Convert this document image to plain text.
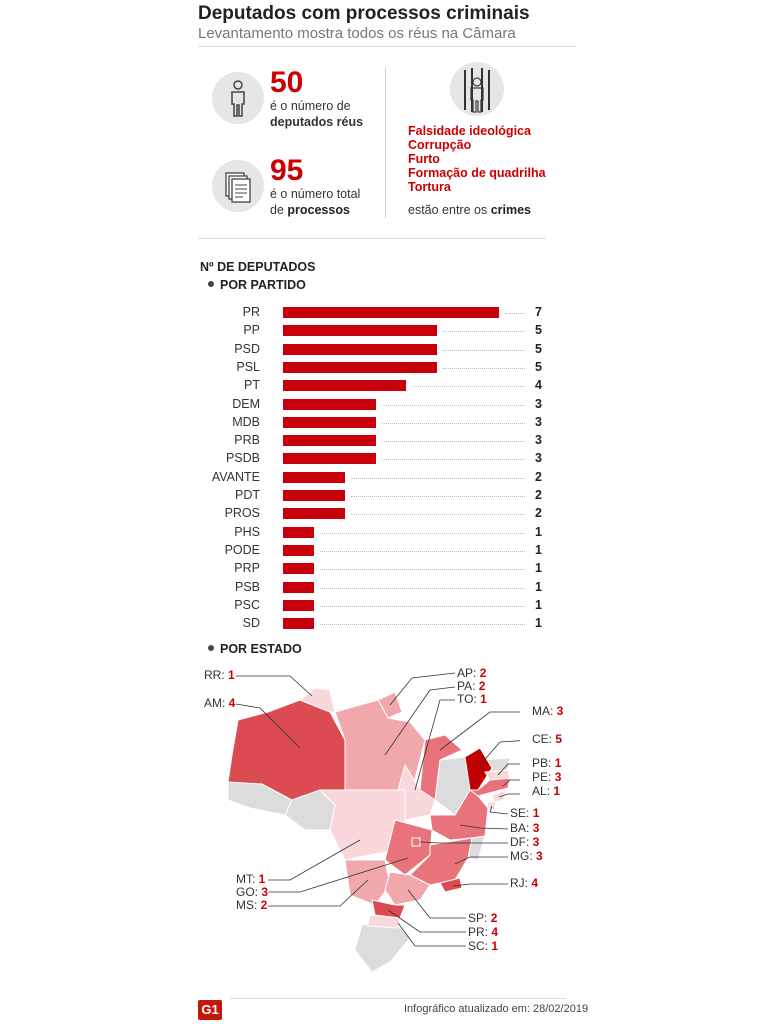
Deputados com processos criminais
Levantamento mostra todos os réus na Câmara
50
é o número de
deputados réus
95
é o número total
de processos
Falsidade ideológica
Corrupção
Furto
Formação de quadrilha
Tortura
estão entre os crimes
Nº DE DEPUTADOS
POR PARTIDO
PR	7
PP	5
PSD	5
PSL	5
PT	4
DEM	3
MDB	3
PRB	3
PSDB	3
AVANTE	2
PDT	2
PROS	2
PHS	1
PODE	1
PRP	1
PSB	1
PSC	1
SD	1
POR ESTADO
RR: 1
AM: 4
AP: 2
PA: 2
TO: 1
MA: 3
CE: 5
PB: 1
PE: 3
AL: 1
SE: 1
BA: 3
DF: 3
MG: 3
RJ: 4
MT: 1
GO: 3
MS: 2
SP: 2
PR: 4
SC: 1
G1	Infográfico atualizado em: 28/02/2019
